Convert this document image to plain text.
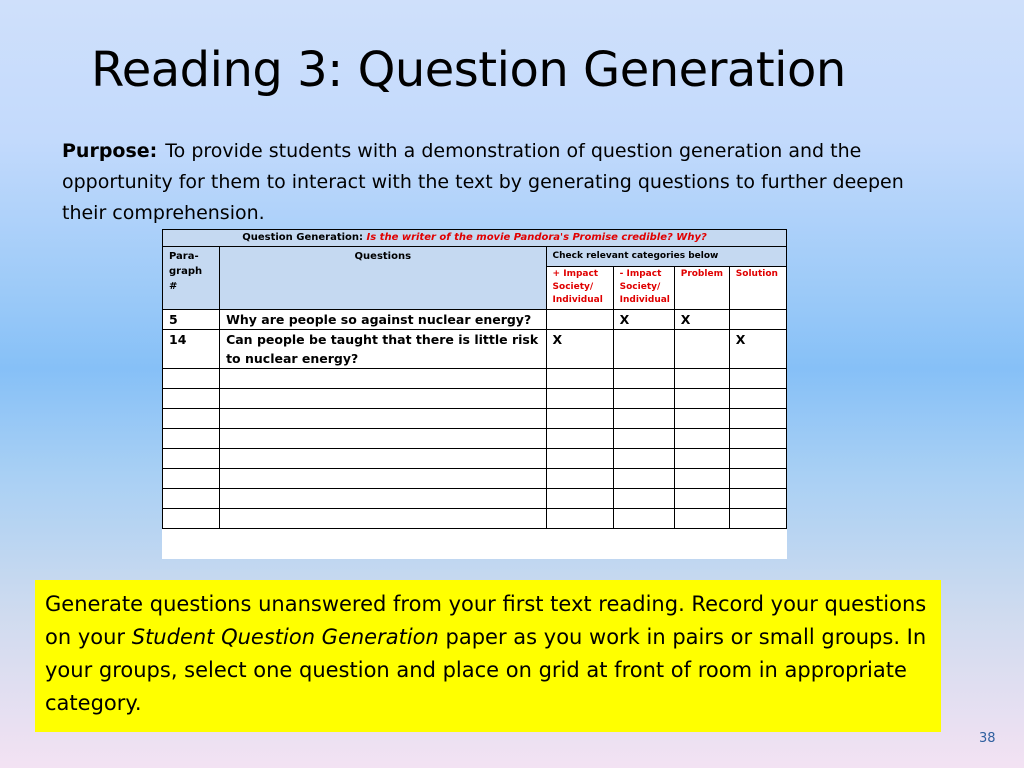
Reading 3: Question Generation
Purpose: To provide students with a demonstration of question generation and the opportunity for them to interact with the text by generating questions to further deepen their comprehension.
Question Generation: Is the writer of the movie Pandora's Promise credible? Why?					
Para-graph #	Questions	Check relevant categories below			
		+ Impact Society/ Individual	- Impact Society/ Individual	Problem	Solution
5	Why are people so against nuclear energy?		X	X	
14	Can people be taught that there is little risk to nuclear energy?	X			X

Generate questions unanswered from your first text reading. Record your questions on your Student Question Generation paper as you work in pairs or small groups. In your groups, select one question and place on grid at front of room in appropriate category.
38
